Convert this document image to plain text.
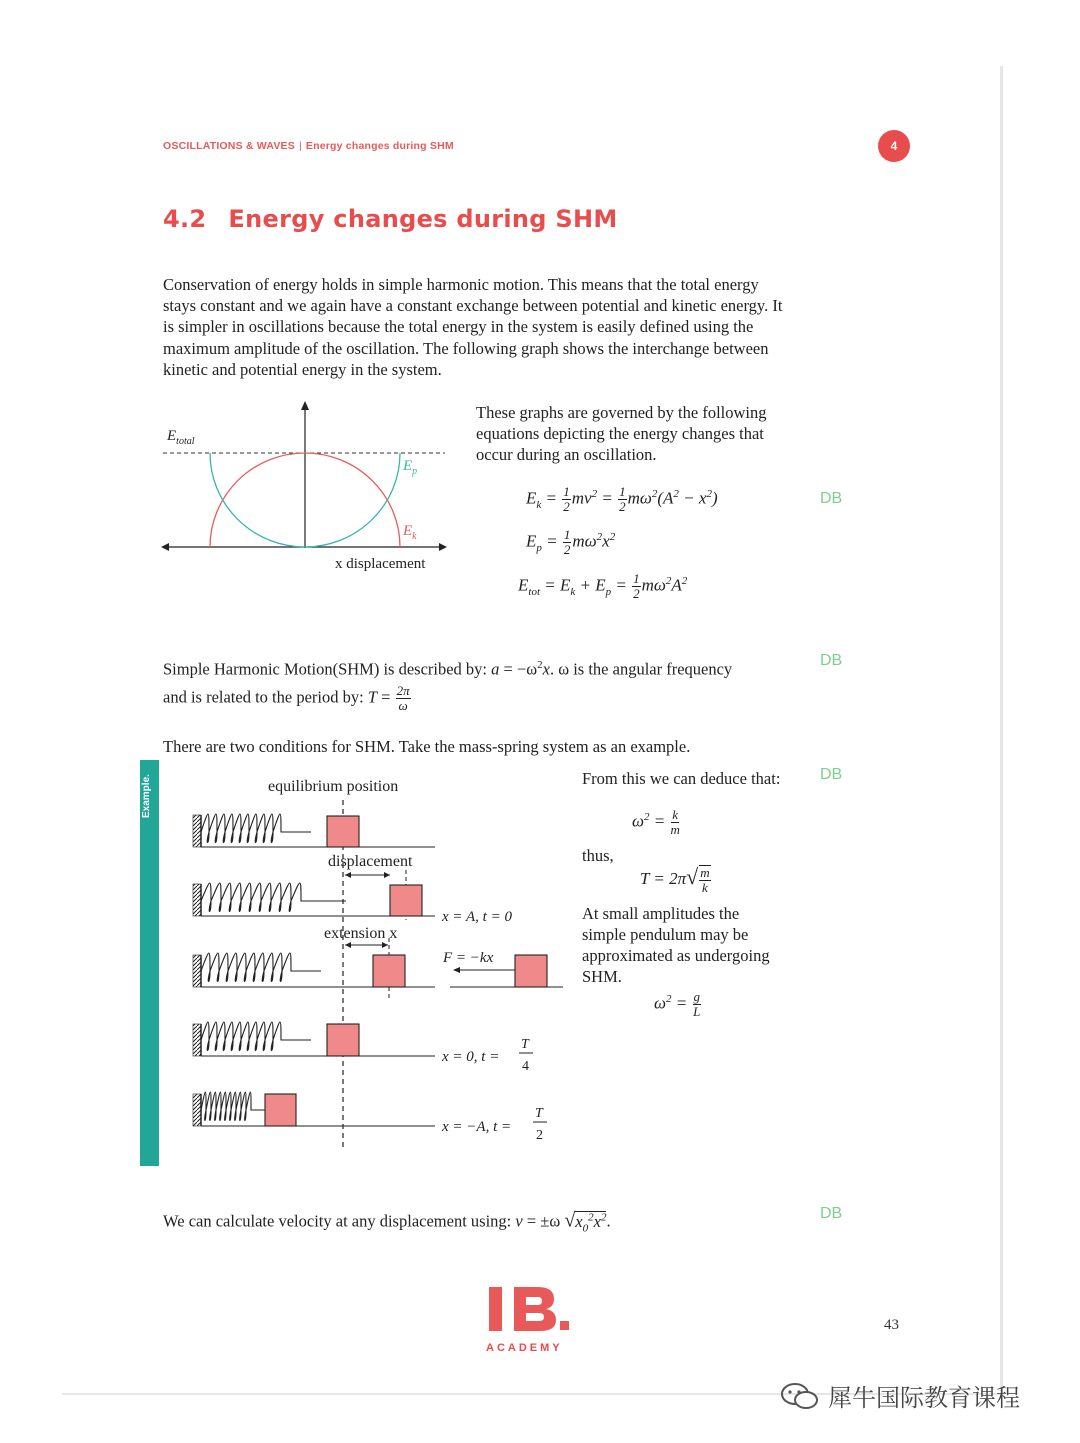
OSCILLATIONS & WAVES | Energy changes during SHM	4
4.2 Energy changes during SHM

Conservation of energy holds in simple harmonic motion. This means that the total energy stays constant and we again have a constant exchange between potential and kinetic energy. It is simpler in oscillations because the total energy in the system is easily defined using the maximum amplitude of the oscillation. The following graph shows the interchange between kinetic and potential energy in the system.

$E_{total}$
$E_p$
$E_k$
x displacement

These graphs are governed by the following equations depicting the energy changes that occur during an oscillation.

$E_k = \frac{1}{2} mv^2 = \frac{1}{2} m\omega^2(A^2 - x^2)$
$E_p = \frac{1}{2} m\omega^2x^2$
$E_{tot} = E_k + E_p = \frac{1}{2} m\omega^2A^2$
DB

Simple Harmonic Motion(SHM) is described by: $a = -\omega^2x$. ω is the angular frequency

and is related to the period by: $T = \frac{2\pi}{\omega}$

DB

There are two conditions for SHM. Take the mass-spring system as an example.

Example.	equilibrium position
displacement
x = A, t = 0
extension x
F = −kx
x = 0, t =
T
4
x = −A, t =
T
2

From this we can deduce that:

$\omega^2 = \frac{k}{m}$

thus,

$T = 2\pi√ \frac{m}{k}$

At small amplitudes the simple pendulum may be approximated as undergoing SHM.

$\omega^2 = \frac{g}{L}$
DB

We can calculate velocity at any displacement using: v = ±ω $√x_0^2x^2$.	DB
ACADEMY
43
犀牛国际教育课程
